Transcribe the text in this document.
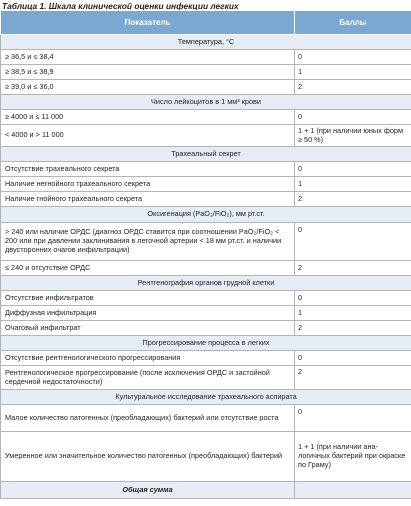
Таблица 1. Шкала клинической оценки инфекции легких

Показатель	Баллы
Температура, °С	
≥ 36,5 и ≤ 38,4	0
≥ 38,5 и ≤ 38,9	1
≥ 39,0 и ≤ 36,0	2
Число лейкоцитов в 1 мм³ крови	
≥ 4000 и ≤ 11 000	0
< 4000 и > 11 000	1 + 1 (при наличии юных форм ≥ 50 %)
Трахеальный секрет	
Отсутствие трахеального секрета	0
Наличие негнойного трахеального секрета	1
Наличие гнойного трахеального секрета	2
Оксигенация (PaO₂/FiO₂), мм рт.ст.	
> 240 или наличие ОРДС (диагноз ОРДС ставится при соотношении PaO₂/FiO₂ < 200 или при давлении заклинивания в легочной артерии < 18 мм рт.ст. и наличии двусторонних очагов инфильтрации)	0
≤ 240 и отсутствие ОРДС	2
Рентгенография органов грудной клетки	
Отсутствие инфильтратов	0
Диффузная инфильтрация	1
Очаговый инфильтрат	2
Прогрессирование процесса в легких	
Отсутствие рентгенологического прогрессирования	0
Рентгенологическое прогрессирование (после исключения ОРДС и застойной сердечной недостаточности)	2
Культуральное исследование трахеального аспирата	
Малое количество патогенных (преобладающих) бактерий или отсутствие роста	0
Умеренное или значительное количество патогенных (преобладающих) бактерий	1 + 1 (при наличии ана-логичных бактерий при окраске по Граму)
Общая сумма	
